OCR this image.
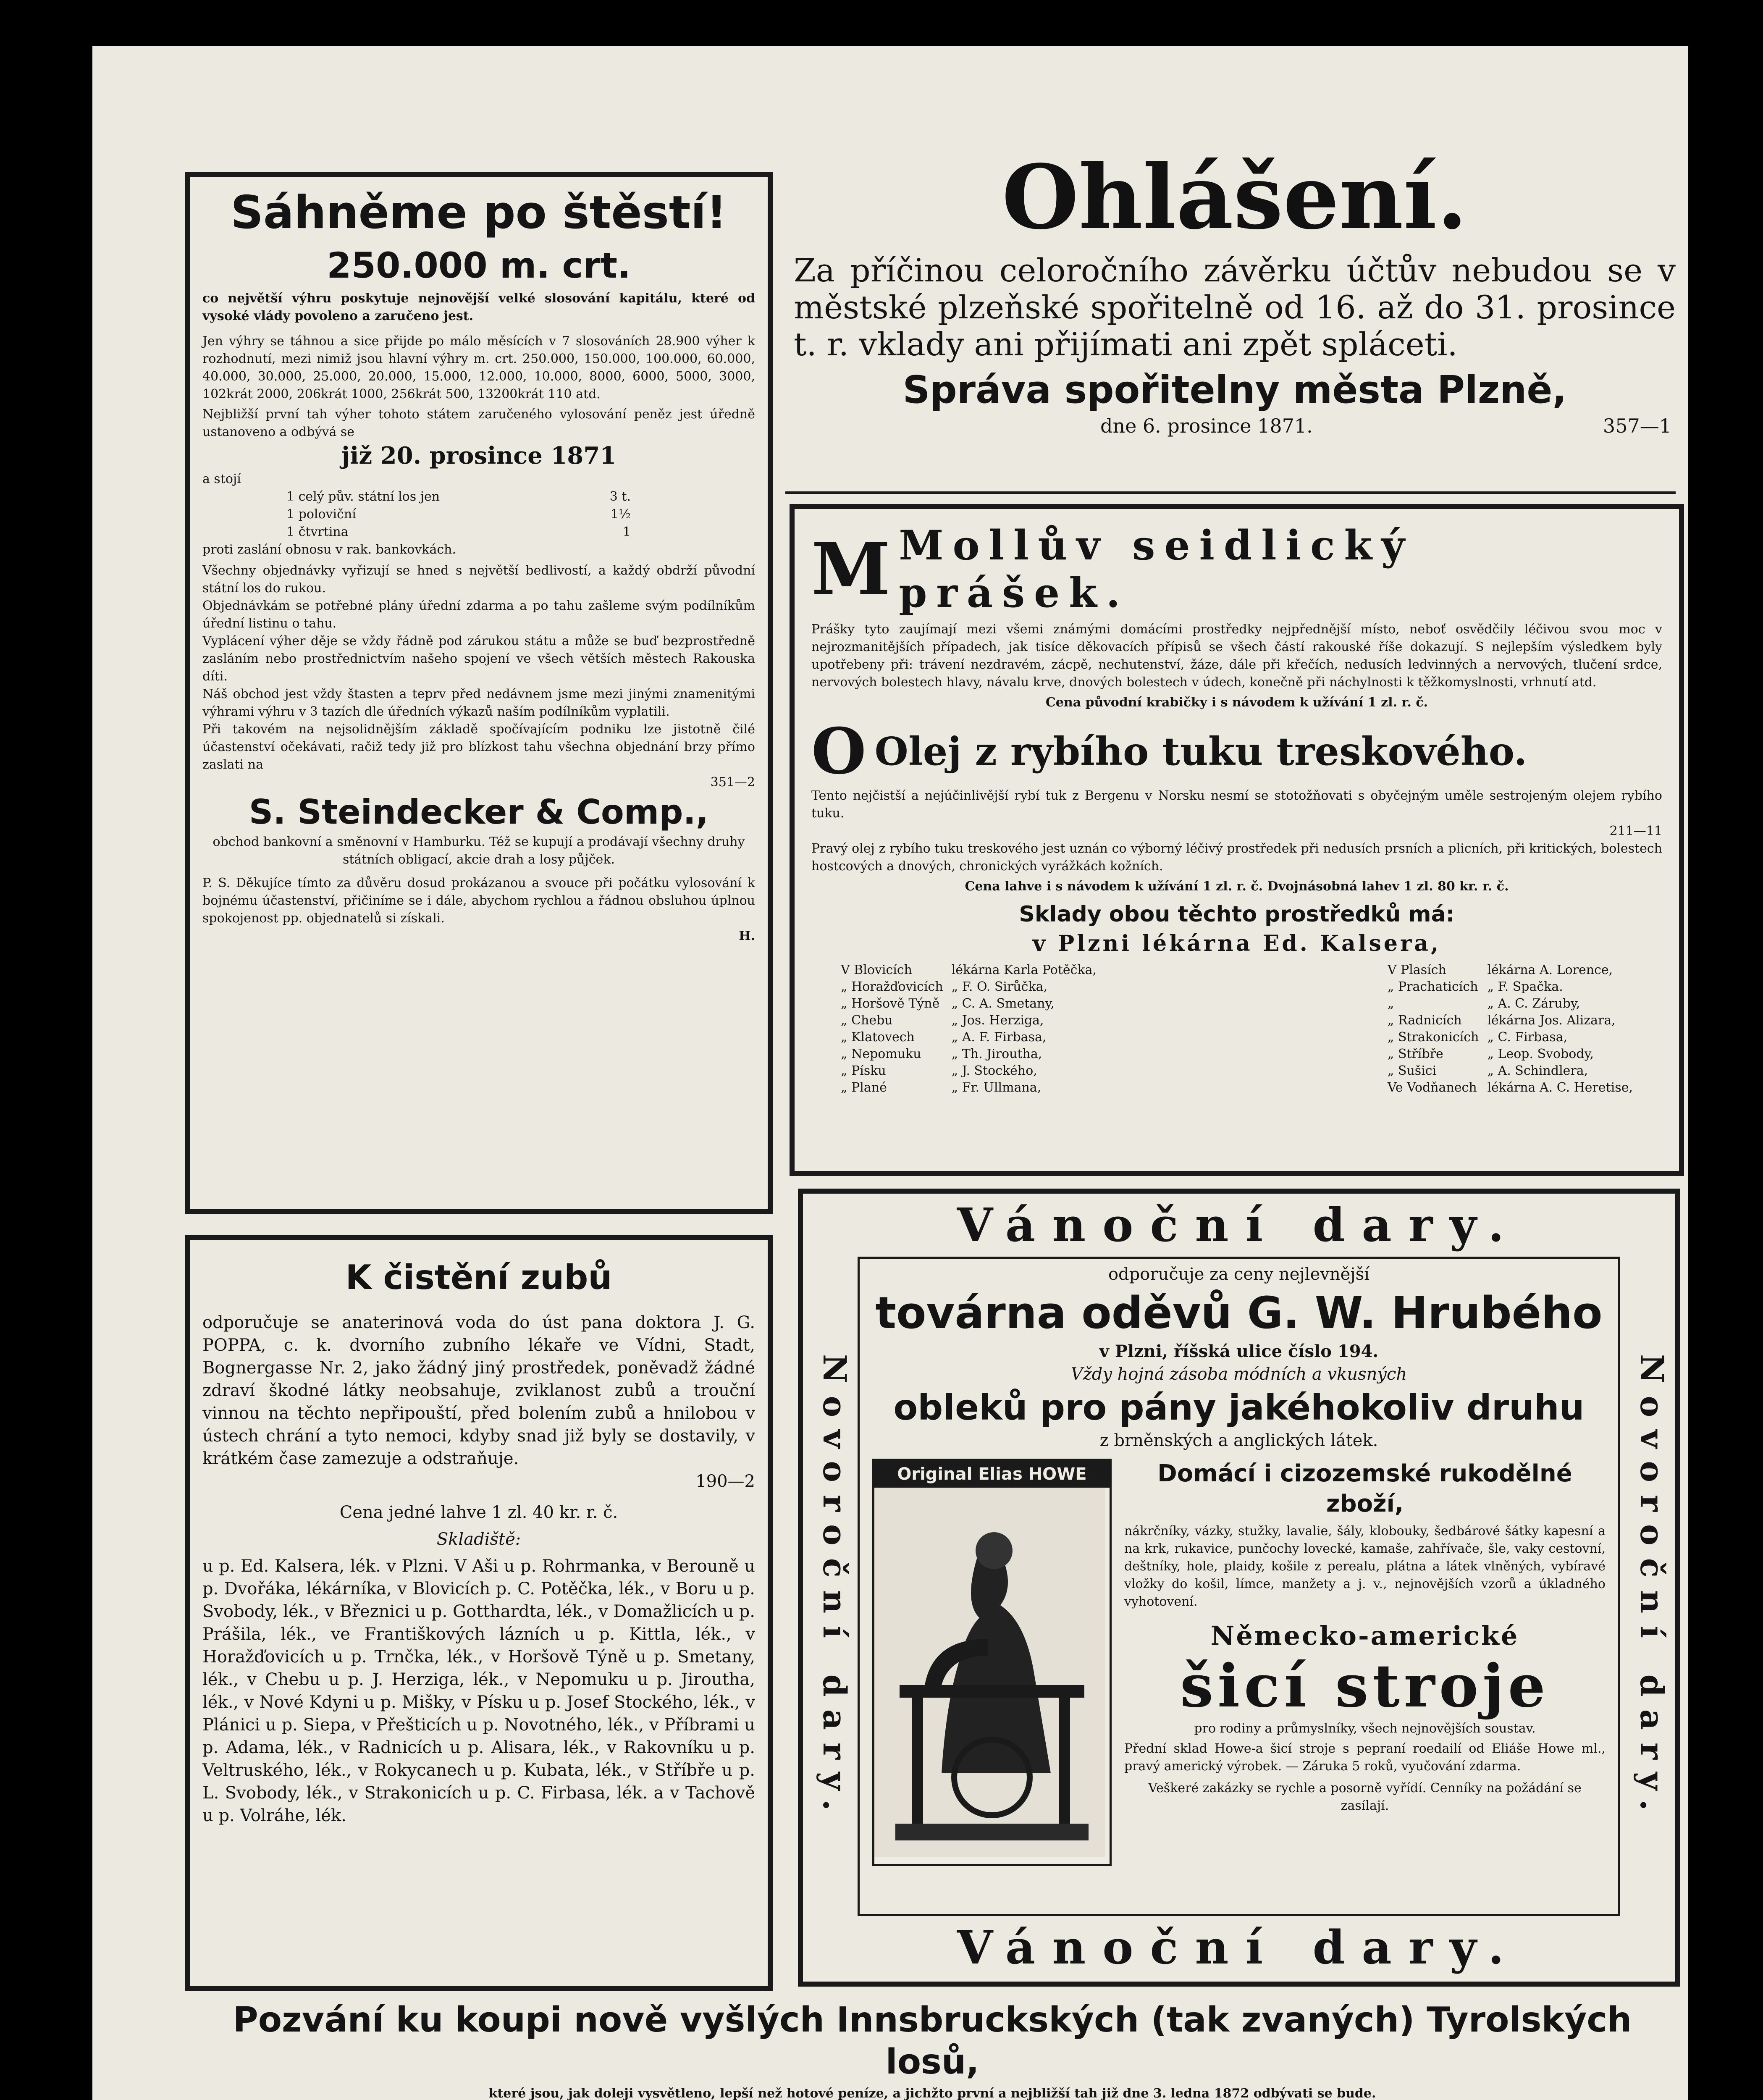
Sáhněme po štěstí!
250.000 m. crt.
co největší výhru poskytuje nejnovější velké slosování kapitálu, které od vysoké vlády povoleno a zaručeno jest.
Jen výhry se táhnou a sice přijde po málo měsících v 7 slosováních 28.900 výher k rozhodnutí, mezi nimiž jsou hlavní výhry m. crt. 250.000, 150.000, 100.000, 60.000, 40.000, 30.000, 25.000, 20.000, 15.000, 12.000, 10.000, 8000, 6000, 5000, 3000, 102krát 2000, 206krát 1000, 256krát 500, 13200krát 110 atd.
Nejbližší první tah výher tohoto státem zaručeného vylosování peněz jest úředně ustanoveno a odbývá se
již 20. prosince 1871
a stojí
1 celý pův. státní los jen	3 t.
1 poloviční	1½
1 čtvrtina	1
proti zaslání obnosu v rak. bankovkách.
Všechny objednávky vyřizují se hned s největší bedlivostí, a každý obdrží původní státní los do rukou.
Objednávkám se potřebné plány úřední zdarma a po tahu zašleme svým podílníkům úřední listinu o tahu.
Vyplácení výher děje se vždy řádně pod zárukou státu a může se buď bezprostředně zasláním nebo prostřednictvím našeho spojení ve všech větších městech Rakouska díti.
Náš obchod jest vždy štasten a teprv před nedávnem jsme mezi jinými znamenitými výhrami výhru v 3 tazích dle úředních výkazů naším podílníkům vyplatili.
Při takovém na nejsolidnějším základě spočívajícím podniku lze jistotně čilé účastenství očekávati, račiž tedy již pro blízkost tahu všechna objednání brzy přímo zaslati na
351—2
S. Steindecker & Comp.,
obchod bankovní a směnovní v Hamburku. Též se kupují a prodávají všechny druhy státních obligací, akcie drah a losy půjček.
P. S. Děkujíce tímto za důvěru dosud prokázanou a svouce při počátku vylosování k bojnému účastenství, přičiníme se i dále, abychom rychlou a řádnou obsluhou úplnou spokojenost pp. objednatelů si získali.
H.
K čistění zubů
odporučuje se anaterinová voda do úst pana doktora J. G. POPPA, c. k. dvorního zubního lékaře ve Vídni, Stadt, Bognergasse Nr. 2, jako žádný jiný prostředek, poněvadž žádné zdraví škodné látky neobsahuje, zviklanost zubů a trouční vinnou na těchto nepřipouští, před bolením zubů a hnilobou v ústech chrání a tyto nemoci, kdyby snad již byly se dostavily, v krátkém čase zamezuje a odstraňuje.
190—2
Cena jedné lahve 1 zl. 40 kr. r. č.
Skladiště:
u p. Ed. Kalsera, lék. v Plzni. V Aši u p. Rohrmanka, v Berouně u p. Dvořáka, lékárníka, v Blovicích p. C. Potěčka, lék., v Boru u p. Svobody, lék., v Březnici u p. Gotthardta, lék., v Domažlicích u p. Prášila, lék., ve Františkových lázních u p. Kittla, lék., v Horažďovicích u p. Trnčka, lék., v Horšově Týně u p. Smetany, lék., v Chebu u p. J. Herziga, lék., v Nepomuku u p. Jiroutha, lék., v Nové Kdyni u p. Mišky, v Písku u p. Josef Stockého, lék., v Plánici u p. Siepa, v Přešticích u p. Novotného, lék., v Příbrami u p. Adama, lék., v Radnicích u p. Alisara, lék., v Rakovníku u p. Veltruského, lék., v Rokycanech u p. Kubata, lék., v Stříbře u p. L. Svobody, lék., v Strakonicích u p. C. Firbasa, lék. a v Tachově u p. Volráhe, lék.
Ohlášení.
Za příčinou celoročního závěrku účtův nebudou se v městské plzeňské spořitelně od 16. až do 31. prosince t. r. vklady ani přijímati ani zpět spláceti.
Správa spořitelny města Plzně,
dne 6. prosince 1871.	357—1
M Mollův seidlický prášek.
Prášky tyto zaujímají mezi všemi známými domácími prostředky nejpřednější místo, neboť osvědčily léčivou svou moc v nejrozmanitějších případech, jak tisíce děkovacích přípisů se všech částí rakouské říše dokazují. S nejlepším výsledkem byly upotřebeny při: trávení nezdravém, zácpě, nechutenství, žáze, dále při křečích, nedusích ledvinných a nervových, tlučení srdce, nervových bolestech hlavy, návalu krve, dnových bolestech v údech, konečně při náchylnosti k těžkomyslnosti, vrhnutí atd.
Cena původní krabičky i s návodem k užívání 1 zl. r. č.
O Olej z rybího tuku treskového.
Tento nejčistší a nejúčinlivější rybí tuk z Bergenu v Norsku nesmí se stotožňovati s obyčejným uměle sestrojeným olejem rybího tuku.
211—11
Pravý olej z rybího tuku treskového jest uznán co výborný léčivý prostředek při nedusích prsních a plicních, při kritických, bolestech hostcových a dnových, chronických vyrážkách kožních.
Cena lahve i s návodem k užívání 1 zl. r. č. Dvojnásobná lahev 1 zl. 80 kr. r. č.
Sklady obou těchto prostředků má:
v Plzni lékárna Ed. Kalsera,
V Blovicích	lékárna Karla Potěčka,
„ Horažďovicích	„ F. O. Sirůčka,
„ Horšově Týně	„ C. A. Smetany,
„ Chebu	„ Jos. Herziga,
„ Klatovech	„ A. F. Firbasa,
„ Nepomuku	„ Th. Jiroutha,
„ Písku	„ J. Stockého,
„ Plané	„ Fr. Ullmana,
V Plasích	lékárna A. Lorence,
„ Prachaticích	„ F. Spačka.
„	„ A. C. Záruby,
„ Radnicích	lékárna Jos. Alizara,
„ Strakonicích	„ C. Firbasa,
„ Stříbře	„ Leop. Svobody,
„ Sušici	„ A. Schindlera,
Ve Vodňanech	lékárna A. C. Heretise,
Vánoční dary.
Vánoční dary.
Novoroční dary.	Novoroční dary.
odporučuje za ceny nejlevnější
továrna oděvů G. W. Hrubého
v Plzni, říšská ulice číslo 194.
Vždy hojná zásoba módních a vkusných
obleků pro pány jakéhokoliv druhu
z brněnských a anglických látek.
Original Elias HOWE	Domácí i cizozemské rukodělné zboží,
nákrčníky, vázky, stužky, lavalie, šály, klobouky, šedbárové šátky kapesní a na krk, rukavice, punčochy lovecké, kamaše, zahřívače, šle, vaky cestovní, deštníky, hole, plaidy, košile z perealu, plátna a látek vlněných, vybíravé vložky do košil, límce, manžety a j. v., nejnovějších vzorů a úkladného vyhotovení.
Německo-americké
šicí stroje
pro rodiny a průmyslníky, všech nejnovějších soustav.
Přední sklad Howe-a šicí stroje s pepraní roedailí od Eliáše Howe ml., pravý americký výrobek. — Záruka 5 roků, vyučování zdarma.
Veškeré zakázky se rychle a posorně vyřídí. Cenníky na požádání se zasílají.
Pozvání ku koupi nově vyšlých Innsbruckských (tak zvaných) Tyrolských losů,
které jsou, jak doleji vysvětleno, lepší než hotové peníze, a jichžto první a nejbližší tah již dne 3. ledna 1872 odbývati se bude.
